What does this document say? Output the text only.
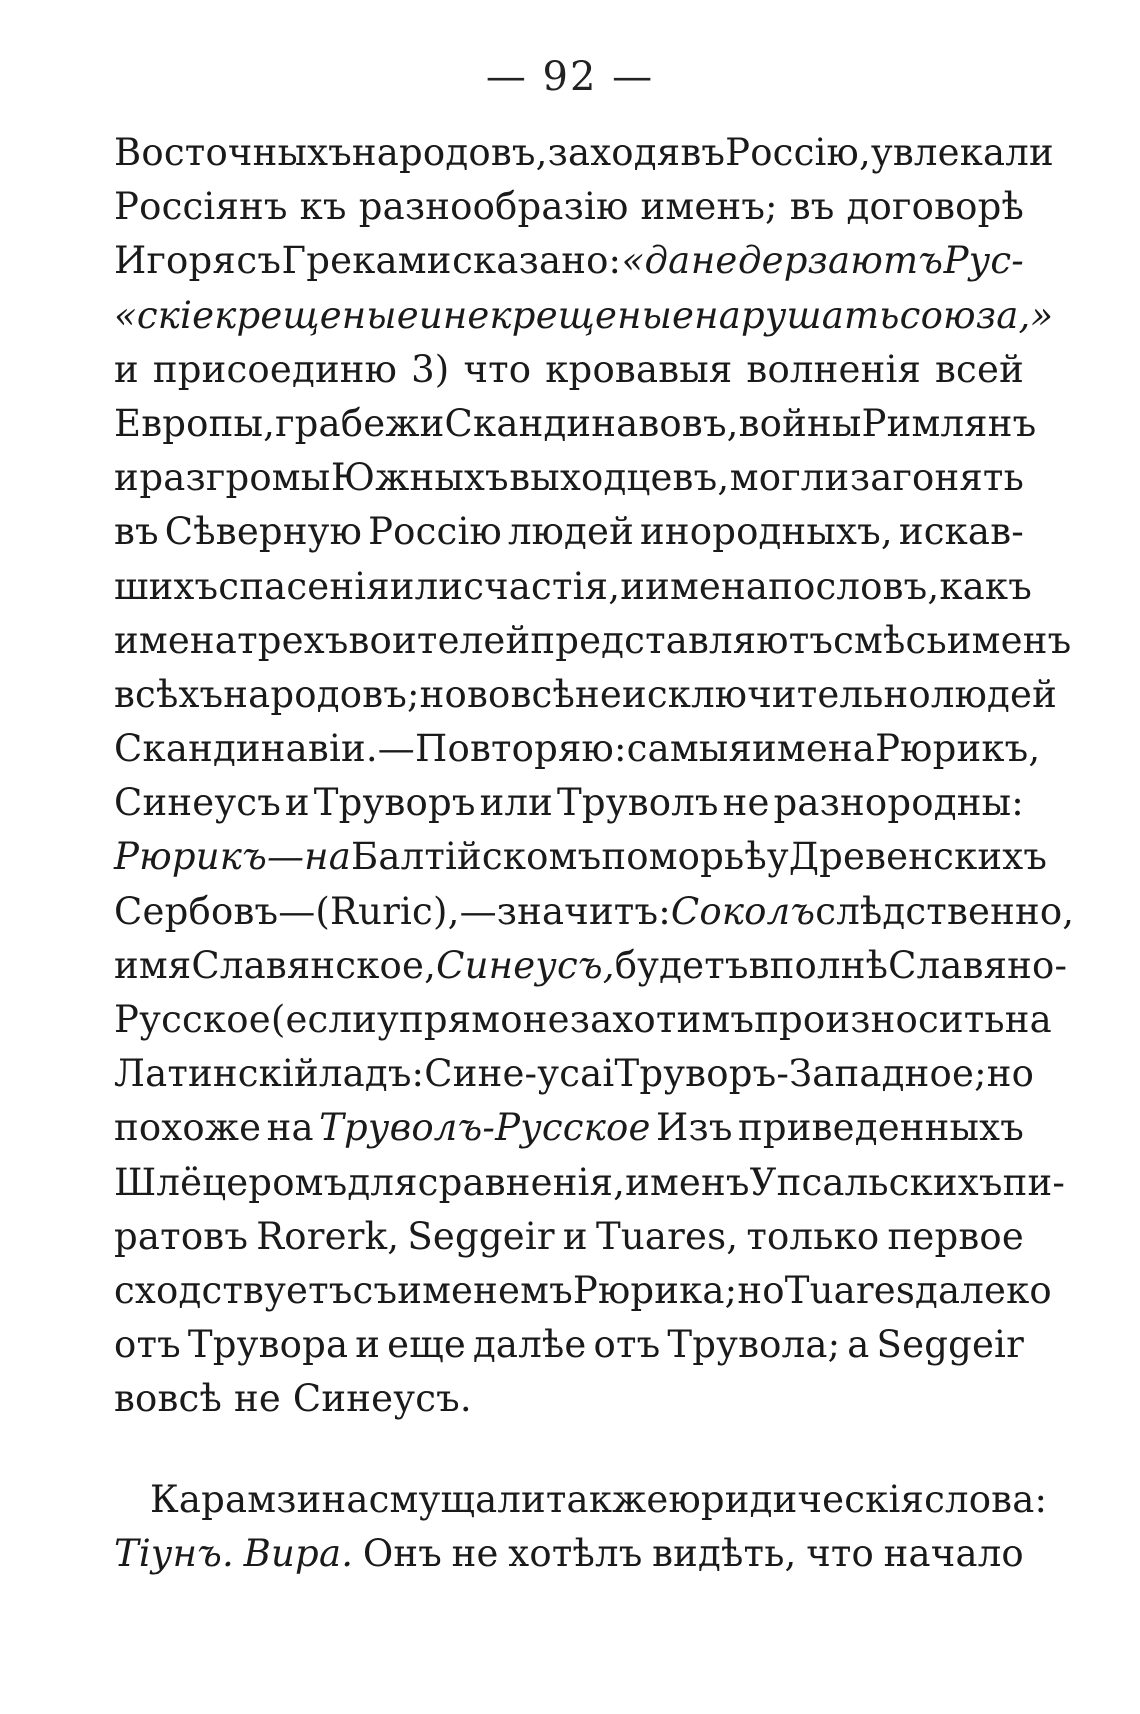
— 92 —
Восточныхъ народовъ, заходя въ Россію, увлекали
Россіянъ къ разнообразію именъ; въ договорѣ
Игоря съ Греками сказано: «да не дерзаютъ Рус-
«скіе крещеные и не крещеные нарушать союза,»
и присоединю 3) что кровавыя волненія всей
Европы, грабежи Скандинавовъ, войны Римлянъ
и разгромы Южныхъ выходцевъ, могли загонять
въ Сѣверную Россію людей инородныхъ, искав-
шихъ спасенія или счастія, и имена пословъ, какъ
имена трехъ воителей представляютъ смѣсь именъ
всѣхъ народовъ; но вовсѣ не исключительно людей
Скандинавіи.—Повторяю: самыя имена Рюрикъ,
Синеусъ и Труворъ или Труволъ не разнородны:
Рюрикъ—на Балтійскомъ поморьѣ у Древенскихъ
Сербовъ—(Ruric),—значитъ: Соколъ слѣдственно,
имя Славянское, Синеусъ, будетъ вполнѣ Славяно-
Русское (если упрямо не захотимъ произносить на
Латинскій ладъ: Сине-усаі Труворъ-Западное; но
похоже на Труволъ-Русское Изъ приведенныхъ
Шлёцеромъ для сравненія, именъ Упсальскихъ пи-
ратовъ Rorerk, Seggeir и Tuares, только первое
сходствуетъ съ именемъ Рюрика; но Tuares далеко
отъ Трувора и еще далѣе отъ Трувола; а Seggeir
вовсѣ
не
Синеусъ.
Карамзина смущали также юридическія слова:
Тіунъ. Вира. Онъ не хотѣлъ видѣть, что начало
